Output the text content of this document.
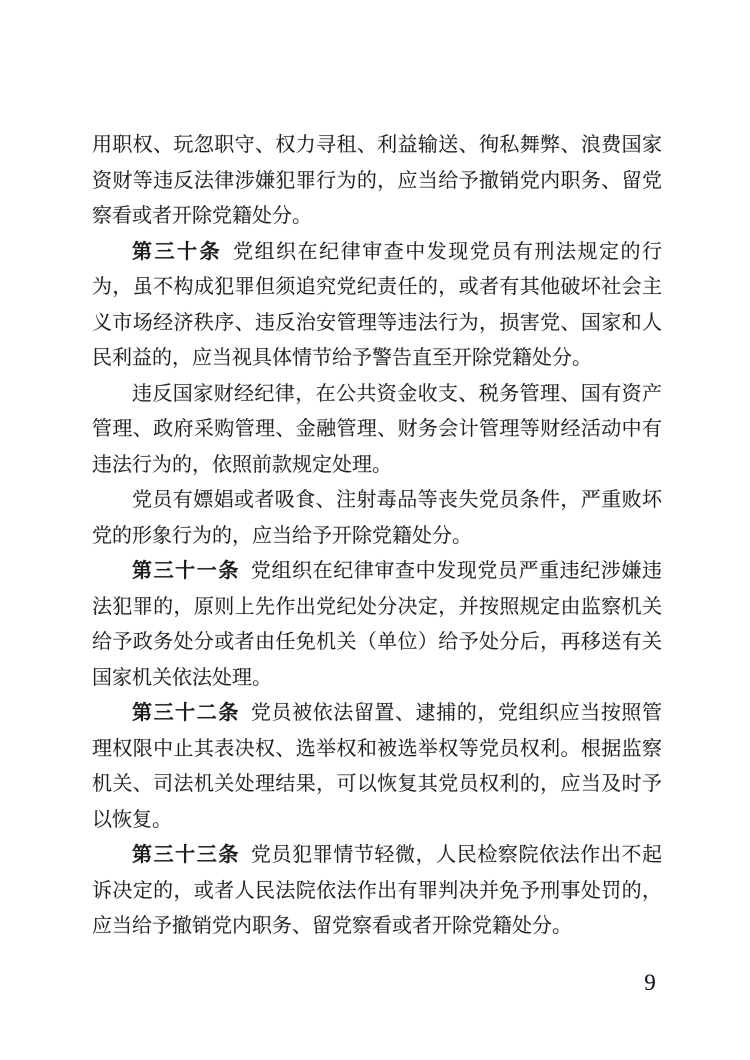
用职权、玩忽职守、权力寻租、利益输送、徇私舞弊、浪费国家资财等违反法律涉嫌犯罪行为的，应当给予撤销党内职务、留党察看或者开除党籍处分。

第三十条 党组织在纪律审查中发现党员有刑法规定的行为，虽不构成犯罪但须追究党纪责任的，或者有其他破坏社会主义市场经济秩序、违反治安管理等违法行为，损害党、国家和人民利益的，应当视具体情节给予警告直至开除党籍处分。

违反国家财经纪律，在公共资金收支、税务管理、国有资产管理、政府采购管理、金融管理、财务会计管理等财经活动中有违法行为的，依照前款规定处理。

党员有嫖娼或者吸食、注射毒品等丧失党员条件，严重败坏党的形象行为的，应当给予开除党籍处分。

第三十一条 党组织在纪律审查中发现党员严重违纪涉嫌违法犯罪的，原则上先作出党纪处分决定，并按照规定由监察机关给予政务处分或者由任免机关（单位）给予处分后，再移送有关国家机关依法处理。

第三十二条 党员被依法留置、逮捕的，党组织应当按照管理权限中止其表决权、选举权和被选举权等党员权利。根据监察机关、司法机关处理结果，可以恢复其党员权利的，应当及时予以恢复。

第三十三条 党员犯罪情节轻微，人民检察院依法作出不起诉决定的，或者人民法院依法作出有罪判决并免予刑事处罚的，应当给予撤销党内职务、留党察看或者开除党籍处分。

9
